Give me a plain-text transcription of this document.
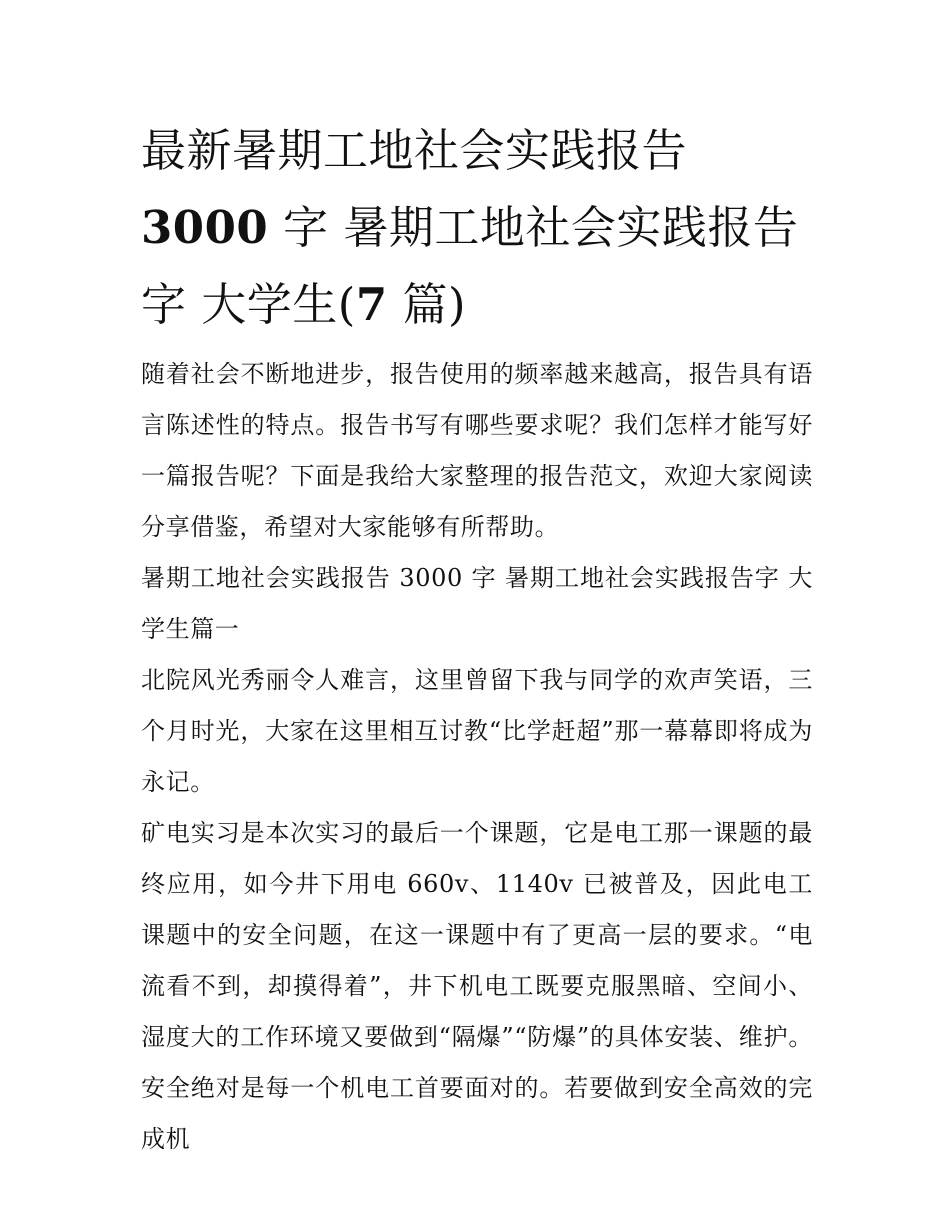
最新暑期工地社会实践报告
3000 字 暑期工地社会实践报告字 大学生(7 篇)

随着社会不断地进步，报告使用的频率越来越高，报告具有语言陈述性的特点。报告书写有哪些要求呢？我们怎样才能写好一篇报告呢？下面是我给大家整理的报告范文，欢迎大家阅读分享借鉴，希望对大家能够有所帮助。

暑期工地社会实践报告 3000 字 暑期工地社会实践报告字 大学生篇一

北院风光秀丽令人难言，这里曾留下我与同学的欢声笑语，三个月时光，大家在这里相互讨教“比学赶超”那一幕幕即将成为永记。

矿电实习是本次实习的最后一个课题，它是电工那一课题的最终应用，如今井下用电 660v、1140v 已被普及，因此电工课题中的安全问题，在这一课题中有了更高一层的要求。“电流看不到，却摸得着”，井下机电工既要克服黑暗、空间小、湿度大的工作环境又要做到“隔爆”“防爆”的具体安装、维护。安全绝对是每一个机电工首要面对的。若要做到安全高效的完成机
